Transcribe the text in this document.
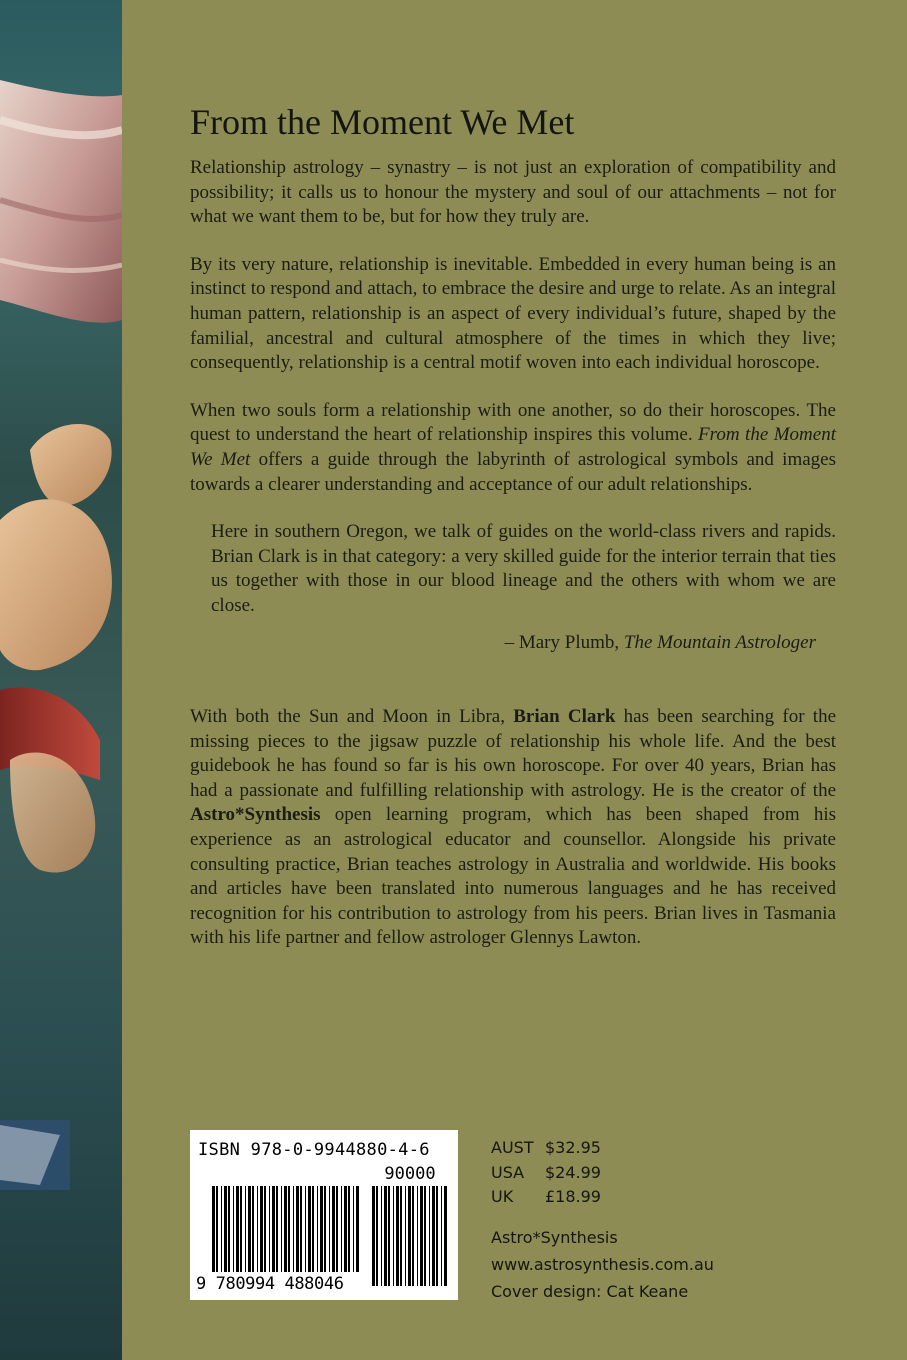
From the Moment We Met

Relationship astrology – synastry – is not just an exploration of compatibility and possibility; it calls us to honour the mystery and soul of our attachments – not for what we want them to be, but for how they truly are.

By its very nature, relationship is inevitable. Embedded in every human being is an instinct to respond and attach, to embrace the desire and urge to relate. As an integral human pattern, relationship is an aspect of every individual’s future, shaped by the familial, ancestral and cultural atmosphere of the times in which they live; consequently, relationship is a central motif woven into each individual horoscope.

When two souls form a relationship with one another, so do their horoscopes. The quest to understand the heart of relationship inspires this volume. From the Moment We Met offers a guide through the labyrinth of astrological symbols and images towards a clearer understanding and acceptance of our adult relationships.

Here in southern Oregon, we talk of guides on the world-class rivers and rapids. Brian Clark is in that category: a very skilled guide for the interior terrain that ties us together with those in our blood lineage and the others with whom we are close.

– Mary Plumb, The Mountain Astrologer

With both the Sun and Moon in Libra, Brian Clark has been searching for the missing pieces to the jigsaw puzzle of relationship his whole life. And the best guidebook he has found so far is his own horoscope. For over 40 years, Brian has had a passionate and fulfilling relationship with astrology. He is the creator of the Astro*Synthesis open learning program, which has been shaped from his experience as an astrological educator and counsellor. Alongside his private consulting practice, Brian teaches astrology in Australia and worldwide. His books and articles have been translated into numerous languages and he has received recognition for his contribution to astrology from his peers. Brian lives in Tasmania with his life partner and fellow astrologer Glennys Lawton.

ISBN 978-0-9944880-4-6
90000
9 780994 488046
AUST $32.95
USA	$24.99
UK	£18.99
Astro*Synthesis
www.astrosynthesis.com.au
Cover design: Cat Keane
